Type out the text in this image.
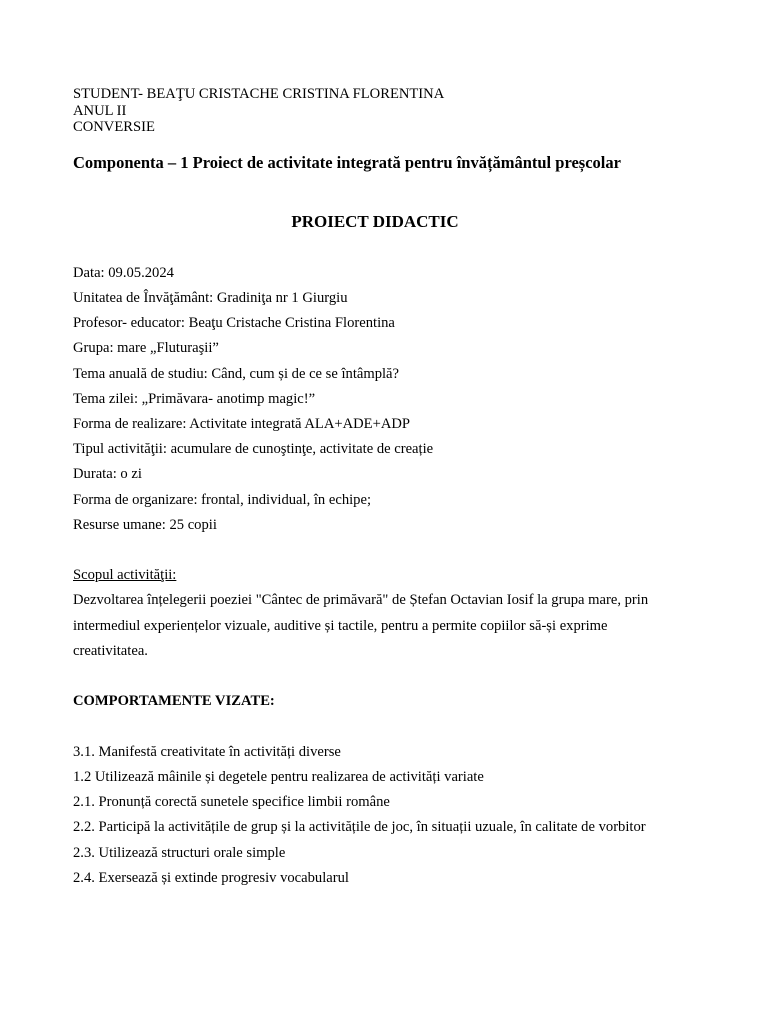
STUDENT- BEAŢU CRISTACHE CRISTINA FLORENTINA
ANUL II
CONVERSIE
Componenta – 1 Proiect de activitate integrată pentru învățământul preșcolar
PROIECT DIDACTIC
Data: 09.05.2024
Unitatea de Învăţământ: Gradiniţa nr 1 Giurgiu
Profesor- educator: Beaţu Cristache Cristina Florentina
Grupa: mare „Fluturaşii”
Tema anuală de studiu: Când, cum și de ce se întâmplă?
Tema zilei: „Primăvara- anotimp magic!”
Forma de realizare: Activitate integrată ALA+ADE+ADP
Tipul activităţii: acumulare de cunoştinţe, activitate de creație
Durata: o zi
Forma de organizare: frontal, individual, în echipe;
Resurse umane: 25 copii
Scopul activităţii:
Dezvoltarea înțelegerii poeziei "Cântec de primăvară" de Ștefan Octavian Iosif la grupa mare, prin
intermediul experiențelor vizuale, auditive și tactile, pentru a permite copiilor să-și exprime
creativitatea.
COMPORTAMENTE VIZATE:
3.1. Manifestă creativitate în activități diverse
1.2 Utilizează mâinile și degetele pentru realizarea de activități variate
2.1. Pronunță corectă sunetele specifice limbii române
2.2. Participă la activitățile de grup și la activitățile de joc, în situații uzuale, în calitate de vorbitor
2.3. Utilizează structuri orale simple
2.4. Exersează și extinde progresiv vocabularul
